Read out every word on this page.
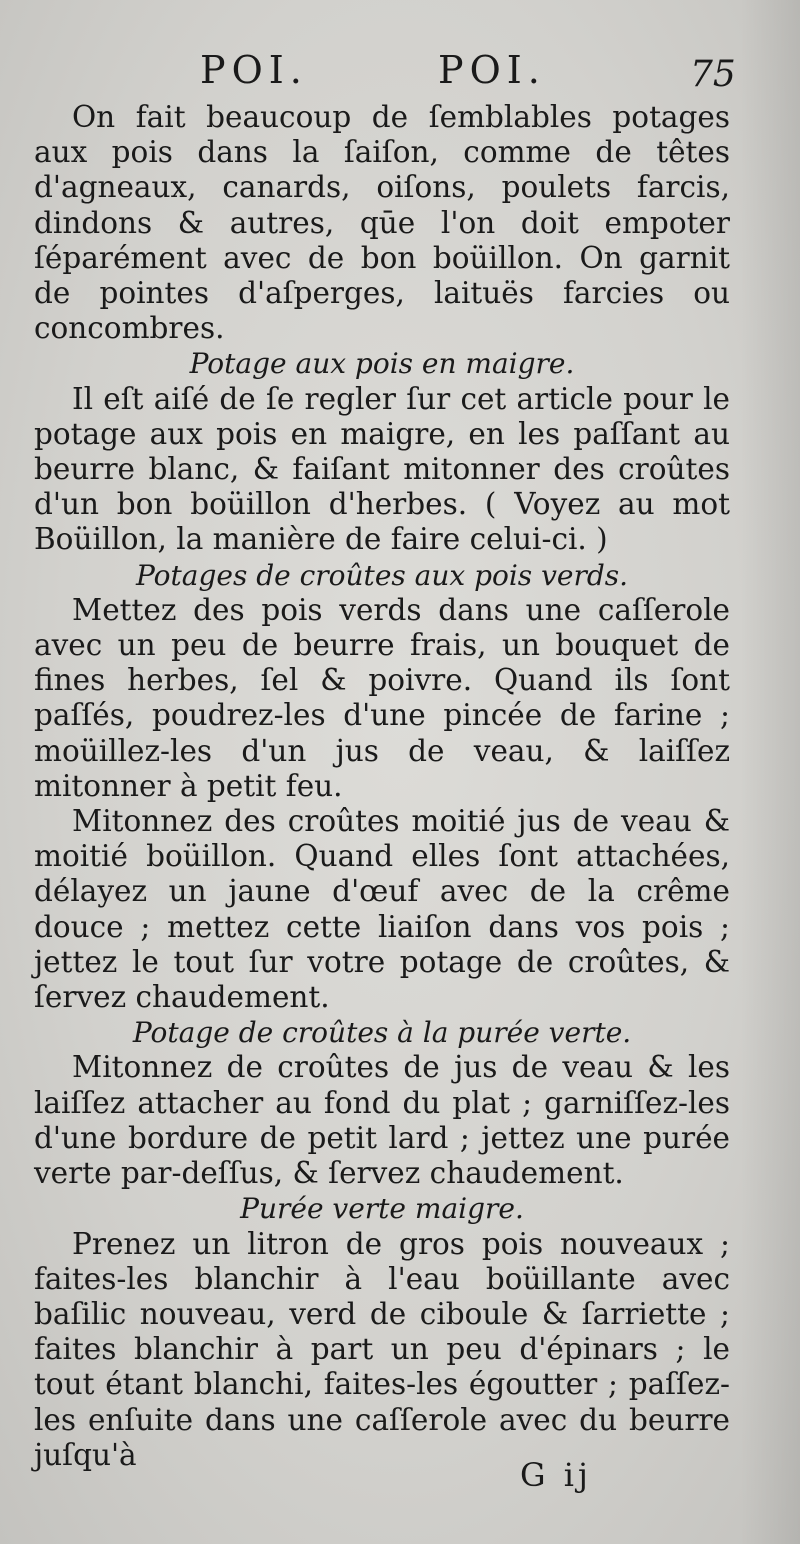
POI.	POI.	75

On fait beaucoup de ſemblables potages aux pois dans la ſaiſon, comme de têtes d'agneaux, canards, oiſons, poulets farcis, dindons & autres, qūe l'on doit empoter ſéparément avec de bon boüillon. On garnit de pointes d'aſperges, laituës farcies ou concombres.

Potage aux pois en maigre.

Il eſt aiſé de ſe regler ſur cet article pour le potage aux pois en maigre, en les paſſant au beurre blanc, & faiſant mitonner des croûtes d'un bon boüillon d'herbes. ( Voyez au mot Boüillon, la manière de faire celui-ci. )

Potages de croûtes aux pois verds.

Mettez des pois verds dans une caſſerole avec un peu de beurre frais, un bouquet de fines herbes, ſel & poivre. Quand ils ſont paſſés, poudrez-les d'une pincée de farine ; moüillez-les d'un jus de veau, & laiſſez mitonner à petit feu.

Mitonnez des croûtes moitié jus de veau & moitié boüillon. Quand elles ſont attachées, délayez un jaune d'œuf avec de la crême douce ; mettez cette liaiſon dans vos pois ; jettez le tout ſur votre potage de croûtes, & ſervez chaudement.

Potage de croûtes à la purée verte.

Mitonnez de croûtes de jus de veau & les laiſſez attacher au fond du plat ; garniſſez-les d'une bordure de petit lard ; jettez une purée verte par-deſſus, & ſervez chaudement.

Purée verte maigre.

Prenez un litron de gros pois nouveaux ; faites-les blanchir à l'eau boüillante avec baſilic nouveau, verd de ciboule & ſarriette ; faites blanchir à part un peu d'épinars ; le tout étant blanchi, faites-les égoutter ; paſſez-les enſuite dans une caſſerole avec du beurre juſqu'à

G ij
